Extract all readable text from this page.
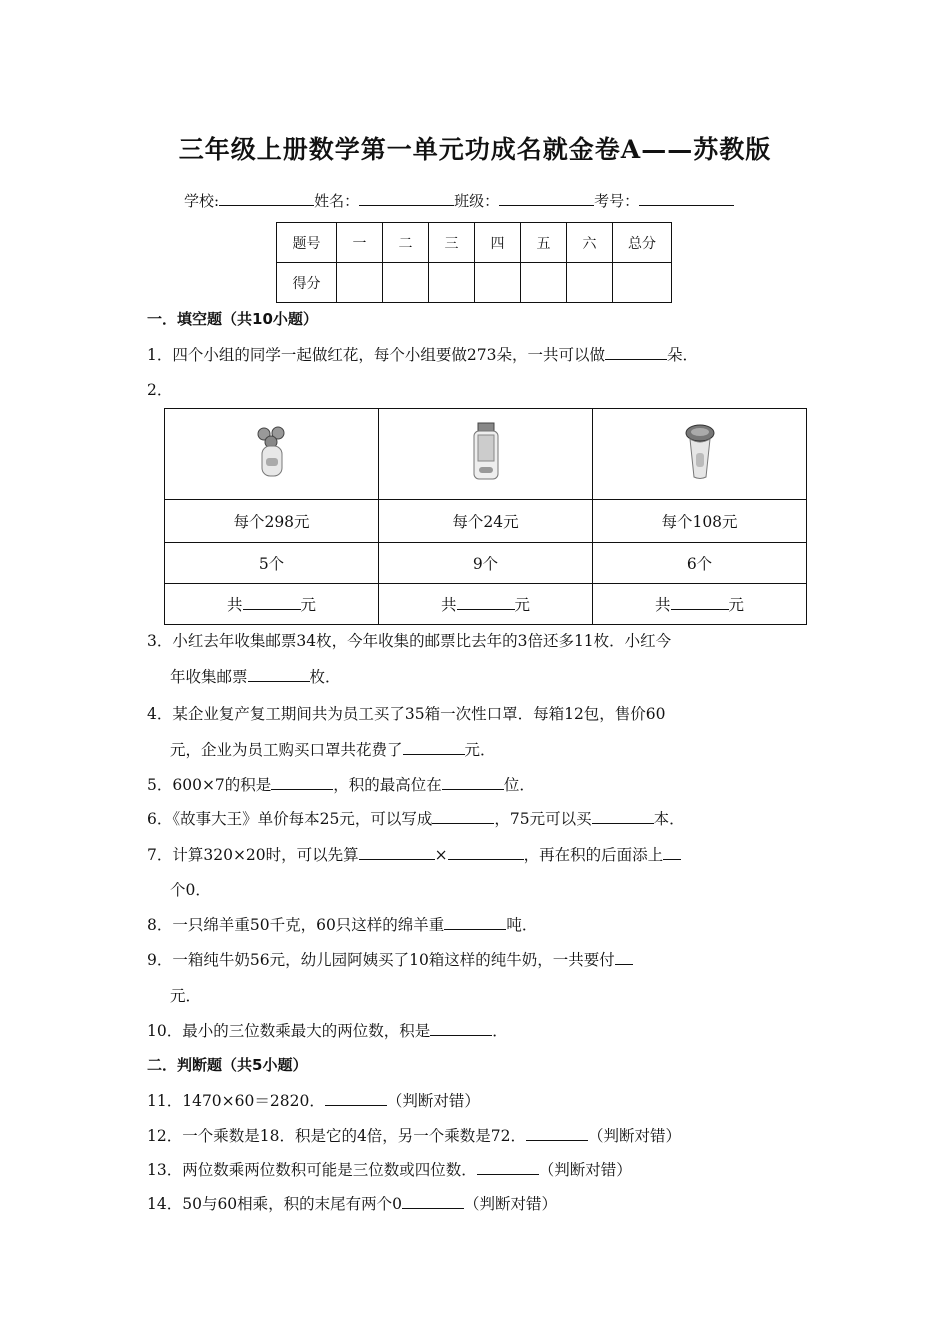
三年级上册数学第一单元功成名就金卷A——苏教版
学校:	姓名：	班级：	考号：
题号	一	二	三	四	五	六	总分
得分							
一．填空题（共10小题）
1．四个小组的同学一起做红花，每个小组要做273朵，一共可以做	朵．
2．

每个298元	每个24元	每个108元
5个	9个	6个
共 元	共 元	共 元
3．小红去年收集邮票34枚，今年收集的邮票比去年的3倍还多11枚．小红今
年收集邮票	枚．
4．某企业复产复工期间共为员工买了35箱一次性口罩．每箱12包，售价60
元，企业为员工购买口罩共花费了	元．
5．600×7的积是	，积的最高位在	位．
6．《故事大王》单价每本25元，可以写成	，75元可以买	本．
7．计算320×20时，可以先算	×	，再在积的后面添上
个0．
8．一只绵羊重50千克，60只这样的绵羊重	吨．
9．一箱纯牛奶56元，幼儿园阿姨买了10箱这样的纯牛奶，一共要付
元．
10．最小的三位数乘最大的两位数，积是	．
二．判断题（共5小题）
11．1470×60＝2820．	（判断对错）
12．一个乘数是18．积是它的4倍，另一个乘数是72．	（判断对错）
13．两位数乘两位数积可能是三位数或四位数．	（判断对错）
14．50与60相乘，积的末尾有两个0	（判断对错）
